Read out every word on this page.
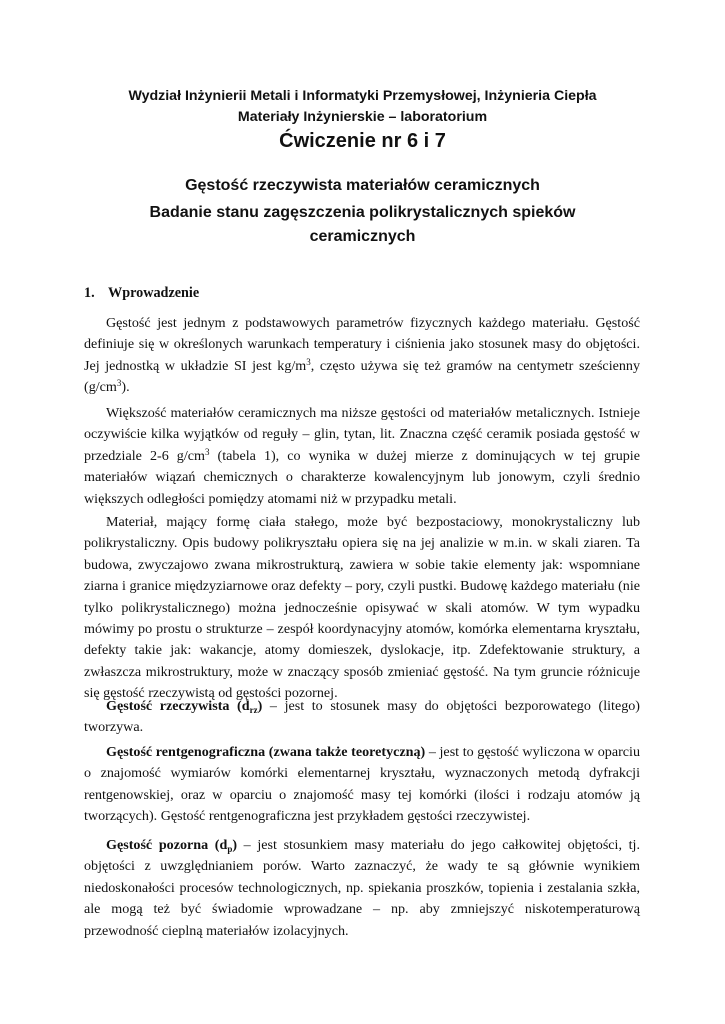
Wydział Inżynierii Metali i Informatyki Przemysłowej, Inżynieria Ciepła
Materiały Inżynierskie – laboratorium
Ćwiczenie nr 6 i 7
Gęstość rzeczywista materiałów ceramicznych
Badanie stanu zagęszczenia polikrystalicznych spieków
ceramicznych
1. Wprowadzenie

Gęstość jest jednym z podstawowych parametrów fizycznych każdego materiału. Gęstość definiuje się w określonych warunkach temperatury i ciśnienia jako stosunek masy do objętości. Jej jednostką w układzie SI jest $kg/m^3$, często używa się też gramów na centymetr sześcienny $(g/cm^3)$.

Większość materiałów ceramicznych ma niższe gęstości od materiałów metalicznych. Istnieje oczywiście kilka wyjątków od reguły – glin, tytan, lit. Znaczna część ceramik posiada gęstość w przedziale 2-6 $g/cm^3$ (tabela 1), co wynika w dużej mierze z dominujących w tej grupie materiałów wiązań chemicznych o charakterze kowalencyjnym lub jonowym, czyli średnio większych odległości pomiędzy atomami niż w przypadku metali.

Materiał, mający formę ciała stałego, może być bezpostaciowy, monokrystaliczny lub polikrystaliczny. Opis budowy polikryształu opiera się na jej analizie w m.in. w skali ziaren. Ta budowa, zwyczajowo zwana mikrostrukturą, zawiera w sobie takie elementy jak: wspomniane ziarna i granice międzyziarnowe oraz defekty – pory, czyli pustki. Budowę każdego materiału (nie tylko polikrystalicznego) można jednocześnie opisywać w skali atomów. W tym wypadku mówimy po prostu o strukturze – zespół koordynacyjny atomów, komórka elementarna kryształu, defekty takie jak: wakancje, atomy domieszek, dyslokacje, itp. Zdefektowanie struktury, a zwłaszcza mikrostruktury, może w znaczący sposób zmieniać gęstość. Na tym gruncie różnicuje się gęstość rzeczywistą od gęstości pozornej.

Gęstość rzeczywista $(d_{rz})$ – jest to stosunek masy do objętości bezporowatego (litego) tworzywa.

Gęstość rentgenograficzna (zwana także teoretyczną) – jest to gęstość wyliczona w oparciu o znajomość wymiarów komórki elementarnej kryształu, wyznaczonych metodą dyfrakcji rentgenowskiej, oraz w oparciu o znajomość masy tej komórki (ilości i rodzaju atomów ją tworzących). Gęstość rentgenograficzna jest przykładem gęstości rzeczywistej.

Gęstość pozorna $(d_p)$ – jest stosunkiem masy materiału do jego całkowitej objętości, tj. objętości z uwzględnianiem porów. Warto zaznaczyć, że wady te są głównie wynikiem niedoskonałości procesów technologicznych, np. spiekania proszków, topienia i zestalania szkła, ale mogą też być świadomie wprowadzane – np. aby zmniejszyć niskotemperaturową przewodność cieplną materiałów izolacyjnych.
